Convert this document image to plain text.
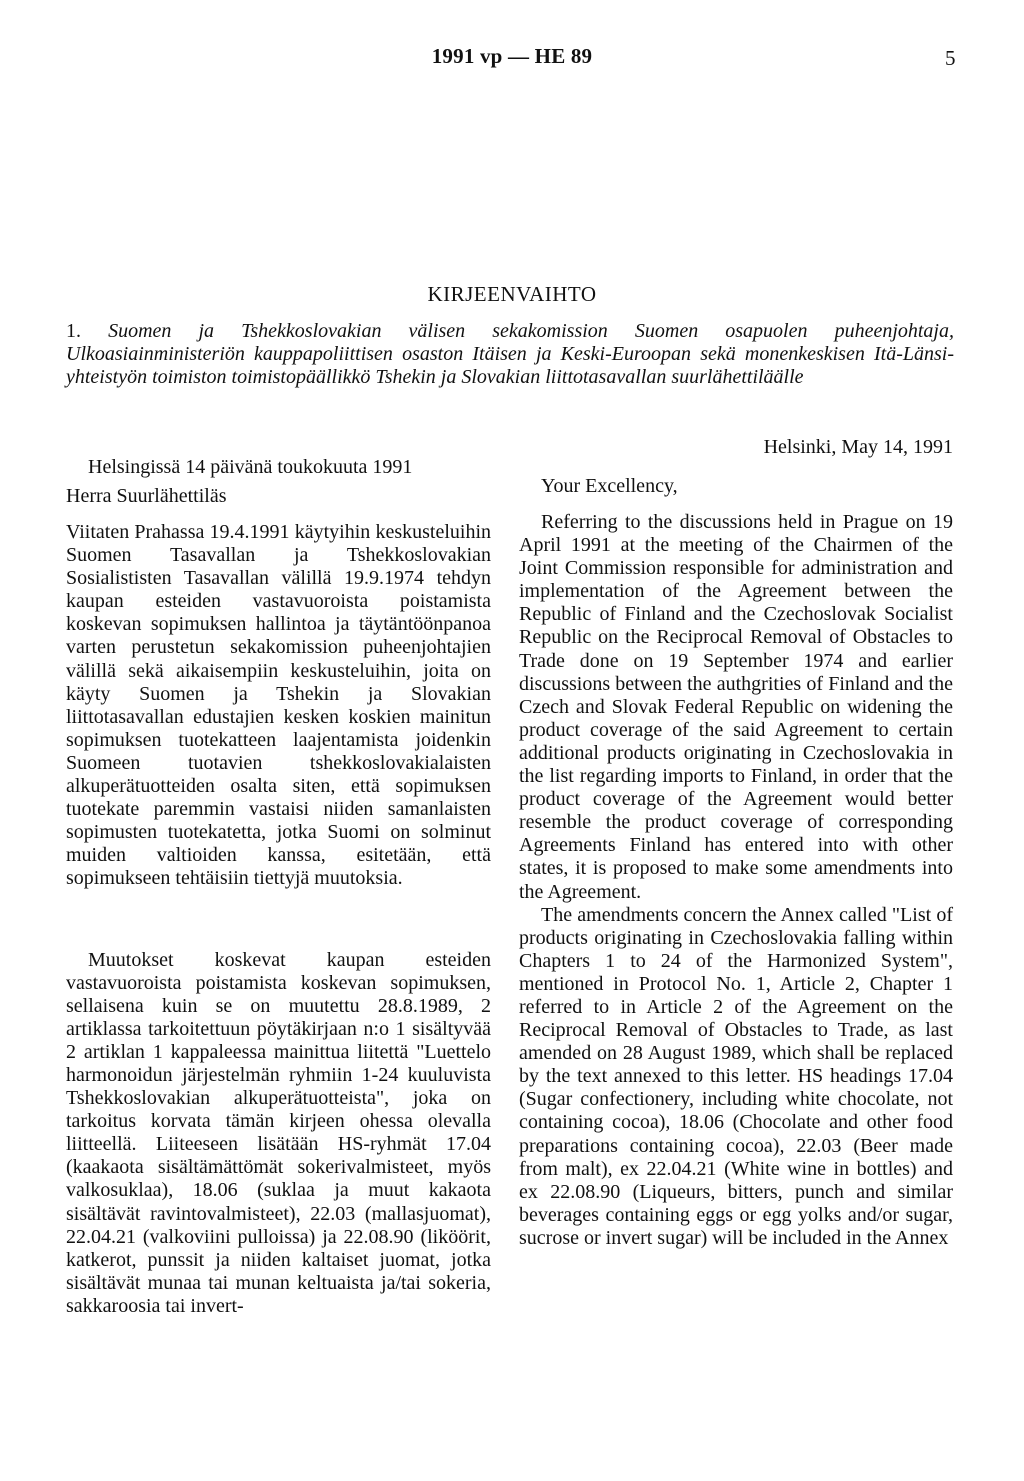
1991 vp — HE 89	5
KIRJEENVAIHTO
1. Suomen ja Tshekkoslovakian välisen sekakomission Suomen osapuolen puheenjohtaja, Ulkoasiainministeriön kauppapoliittisen osaston Itäisen ja Keski-Euroopan sekä monenkeskisen Itä-Länsi-yhteistyön toimiston toimistopäällikkö Tshekin ja Slovakian liittotasavallan suurlähettiläälle

Helsingissä 14 päivänä toukokuuta 1991

Herra Suurlähettiläs

Viitaten Prahassa 19.4.1991 käytyihin keskusteluihin Suomen Tasavallan ja Tshekkoslovakian Sosialististen Tasavallan välillä 19.9.1974 tehdyn kaupan esteiden vastavuoroista poistamista koskevan sopimuksen hallintoa ja täytäntöönpanoa varten perustetun sekakomission puheenjohtajien välillä sekä aikaisempiin keskusteluihin, joita on käyty Suomen ja Tshekin ja Slovakian liittotasavallan edustajien kesken koskien mainitun sopimuksen tuotekatteen laajentamista joidenkin Suomeen tuotavien tshekkoslovakialaisten alkuperätuotteiden osalta siten, että sopimuksen tuotekate paremmin vastaisi niiden samanlaisten sopimusten tuotekatetta, jotka Suomi on solminut muiden valtioiden kanssa, esitetään, että sopimukseen tehtäisiin tiettyjä muutoksia.

Muutokset koskevat kaupan esteiden vastavuoroista poistamista koskevan sopimuksen, sellaisena kuin se on muutettu 28.8.1989, 2 artiklassa tarkoitettuun pöytäkirjaan n:o 1 sisältyvää 2 artiklan 1 kappaleessa mainittua liitettä "Luettelo harmonoidun järjestelmän ryhmiin 1-24 kuuluvista Tshekkoslovakian alkuperätuotteista", joka on tarkoitus korvata tämän kirjeen ohessa olevalla liitteellä. Liiteeseen lisätään HS-ryhmät 17.04 (kaakaota sisältämättömät sokerivalmisteet, myös valkosuklaa), 18.06 (suklaa ja muut kakaota sisältävät ravintovalmisteet), 22.03 (mallasjuomat), 22.04.21 (valkoviini pulloissa) ja 22.08.90 (liköörit, katkerot, punssit ja niiden kaltaiset juomat, jotka sisältävät munaa tai munan keltuaista ja/tai sokeria, sakkaroosia tai invert-

Helsinki, May 14, 1991

Your Excellency,

Referring to the discussions held in Prague on 19 April 1991 at the meeting of the Chairmen of the Joint Commission responsible for administration and implementation of the Agreement between the Republic of Finland and the Czechoslovak Socialist Republic on the Reciprocal Removal of Obstacles to Trade done on 19 September 1974 and earlier discussions between the authgrities of Finland and the Czech and Slovak Federal Republic on widening the product coverage of the said Agreement to certain additional products originating in Czechoslovakia in the list regarding imports to Finland, in order that the product coverage of the Agreement would better resemble the product coverage of corresponding Agreements Finland has entered into with other states, it is proposed to make some amendments into the Agreement.

The amendments concern the Annex called "List of products originating in Czechoslovakia falling within Chapters 1 to 24 of the Harmonized System", mentioned in Protocol No. 1, Article 2, Chapter 1 referred to in Article 2 of the Agreement on the Reciprocal Removal of Obstacles to Trade, as last amended on 28 August 1989, which shall be replaced by the text annexed to this letter. HS headings 17.04 (Sugar confectionery, including white chocolate, not containing cocoa), 18.06 (Chocolate and other food preparations containing cocoa), 22.03 (Beer made from malt), ex 22.04.21 (White wine in bottles) and ex 22.08.90 (Liqueurs, bitters, punch and similar beverages containing eggs or egg yolks and/or sugar, sucrose or invert sugar) will be included in the Annex
